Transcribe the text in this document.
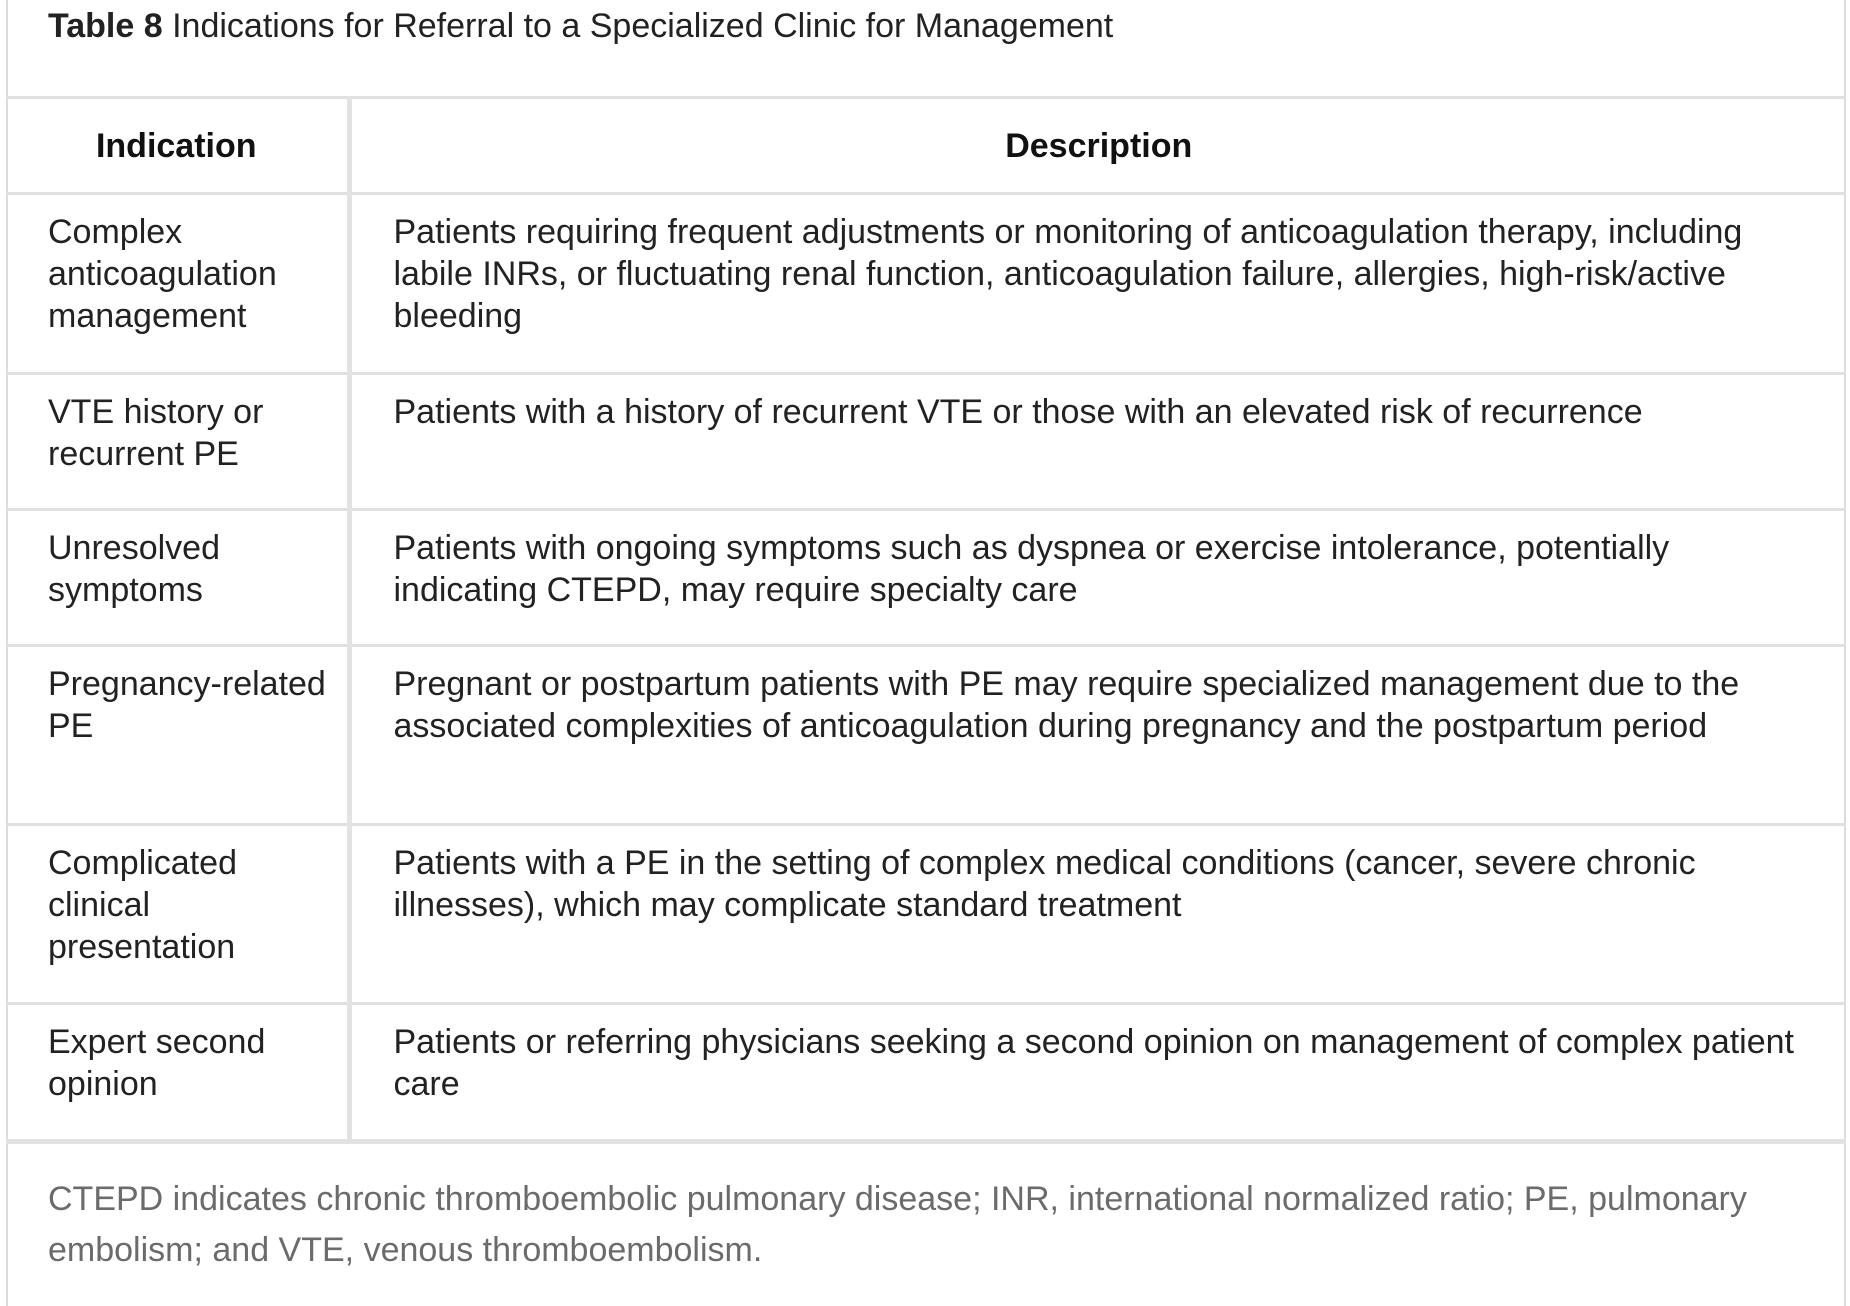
Table 8 Indications for Referral to a Specialized Clinic for Management
Indication	Description
Complex anticoagulation management	Patients requiring frequent adjustments or monitoring of anticoagulation therapy, including labile INRs, or fluctuating renal function, anticoagulation failure, allergies, high-risk/active bleeding
VTE history or recurrent PE	Patients with a history of recurrent VTE or those with an elevated risk of recurrence
Unresolved symptoms	Patients with ongoing symptoms such as dyspnea or exercise intolerance, potentially indicating CTEPD, may require specialty care
Pregnancy-related PE	Pregnant or postpartum patients with PE may require specialized management due to the associated complexities of anticoagulation during pregnancy and the postpartum period
Complicated clinical presentation	Patients with a PE in the setting of complex medical conditions (cancer, severe chronic illnesses), which may complicate standard treatment
Expert second opinion	Patients or referring physicians seeking a second opinion on management of complex patient care
CTEPD indicates chronic thromboembolic pulmonary disease; INR, international normalized ratio; PE, pulmonary embolism; and VTE, venous thromboembolism.
